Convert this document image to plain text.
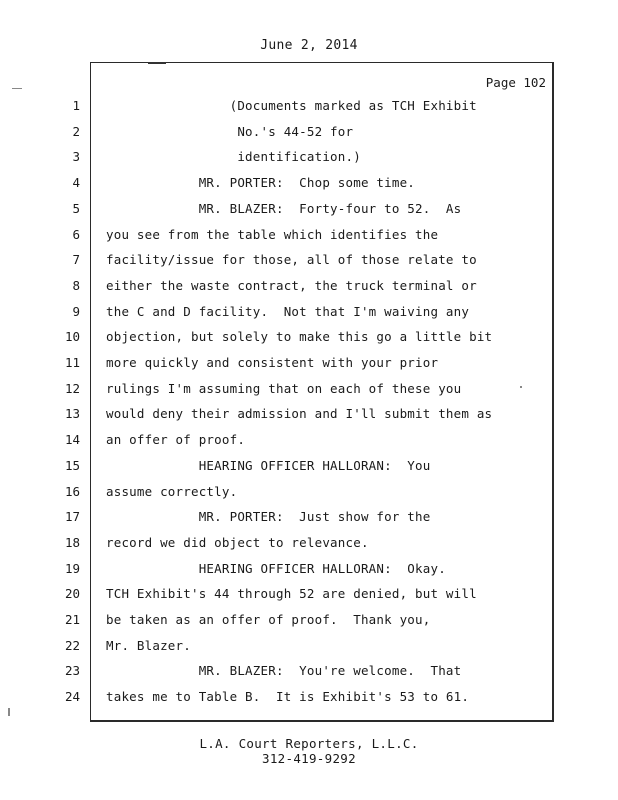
June 2, 2014
Page 102
1 (Documents marked as TCH Exhibit
2 No.'s 44-52 for
3 identification.)
4 MR. PORTER:  Chop some time.
5 MR. BLAZER:  Forty-four to 52.  As
6 you see from the table which identifies the
7 facility/issue for those, all of those relate to
8 either the waste contract, the truck terminal or
9 the C and D facility.  Not that I'm waiving any
10 objection, but solely to make this go a little bit
11 more quickly and consistent with your prior
12 rulings I'm assuming that on each of these you
13 would deny their admission and I'll submit them as
14 an offer of proof.
15 HEARING OFFICER HALLORAN:  You
16 assume correctly.
17 MR. PORTER:  Just show for the
18 record we did object to relevance.
19 HEARING OFFICER HALLORAN:  Okay.
20 TCH Exhibit's 44 through 52 are denied, but will
21 be taken as an offer of proof.  Thank you,
22 Mr. Blazer.
23 MR. BLAZER:  You're welcome.  That
24 takes me to Table B.  It is Exhibit's 53 to 61.
L.A. Court Reporters, L.L.C.
312-419-9292
